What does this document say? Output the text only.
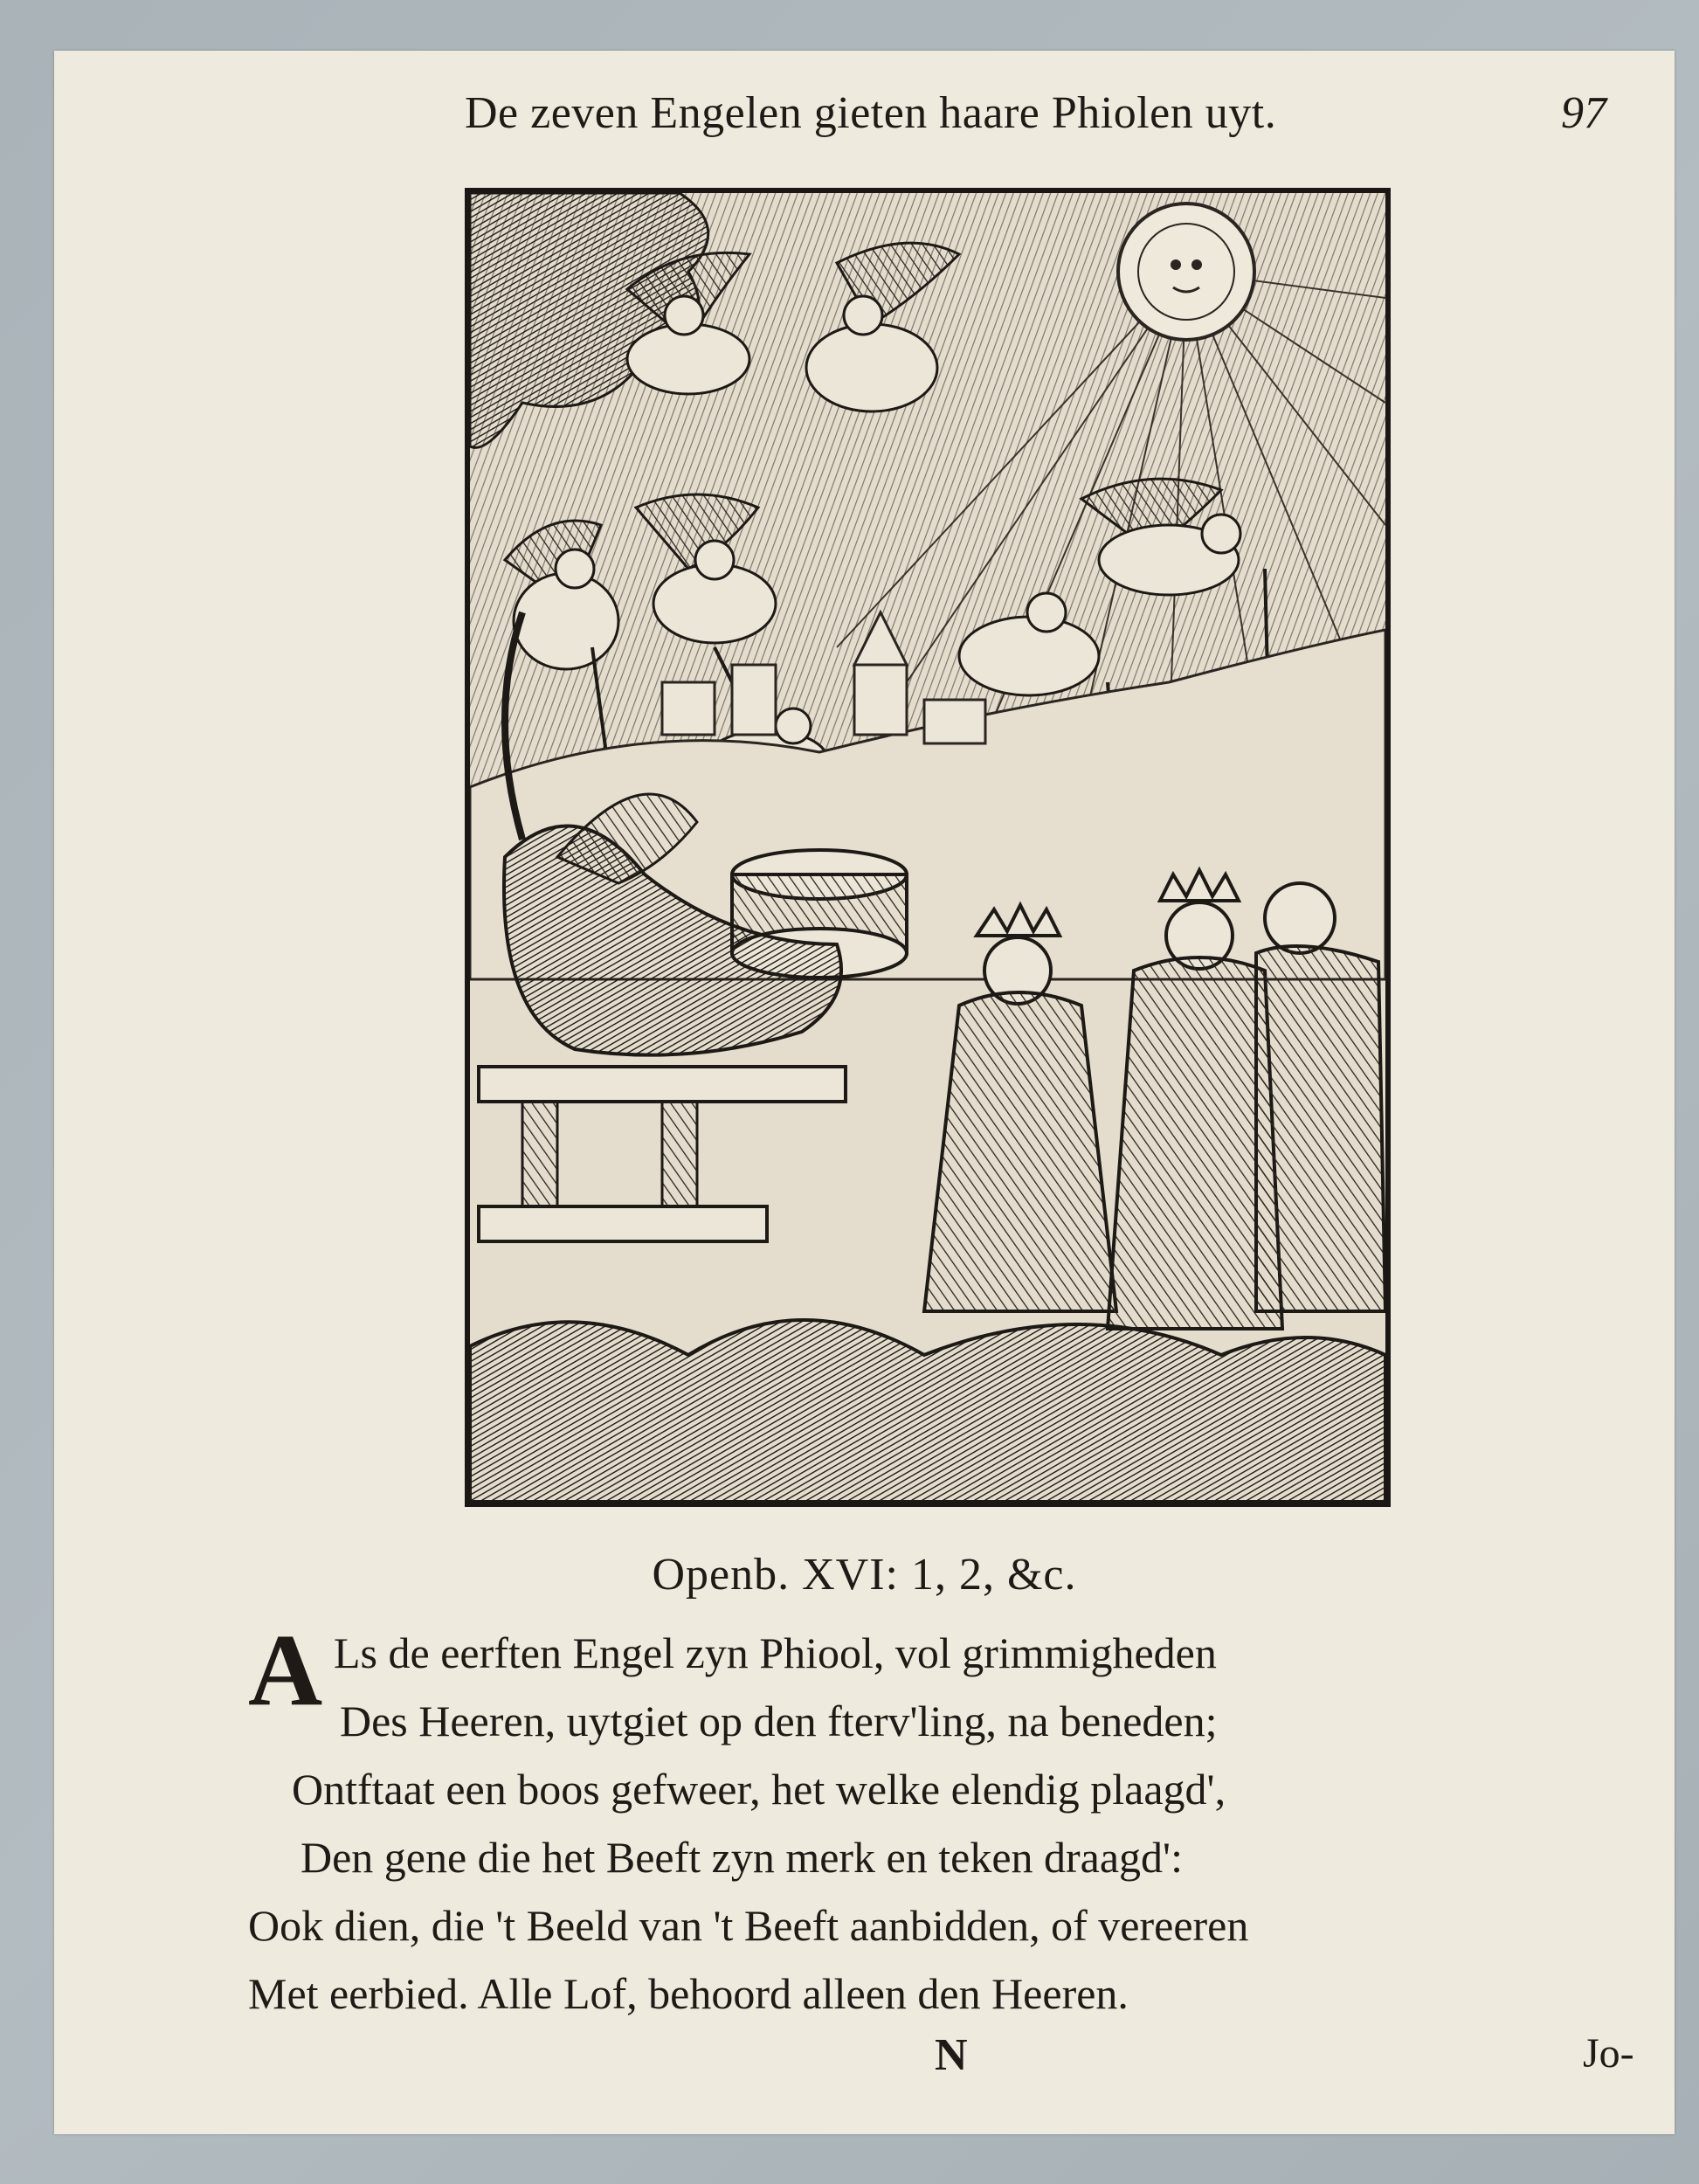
De zeven Engelen gieten haare Phiolen uyt.	97
Openb. XVI: 1, 2, &c.
A Ls de eerften Engel zyn Phiool, vol grimmigheden
Des Heeren, uytgiet op den fterv'ling, na beneden;
Ontftaat een boos gefweer, het welke elendig plaagd',
Den gene die het Beeft zyn merk en teken draagd':
Ook dien, die 't Beeld van 't Beeft aanbidden, of vereeren
Met eerbied. Alle Lof, behoord alleen den Heeren.
N	Jo-
